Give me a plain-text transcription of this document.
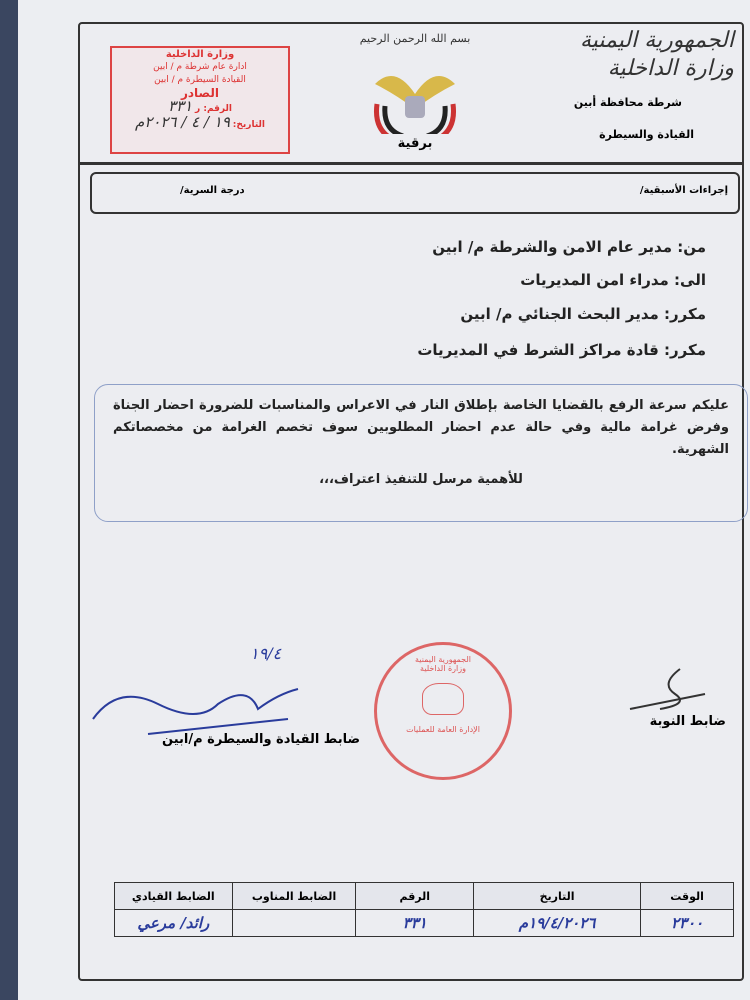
وزارة الداخلية
ادارة عام شرطة م / ابين
القيادة السيطرة م / ابين
الصادر
الرقم: ر ٣٣١
التاريخ: ١٩ / ٤ / ٢٠٢٦م
بسم الله الرحمن الرحيم
برقية
الجمهورية اليمنية
وزارة الداخلية
شرطة محافظة أبين
القيادة والسيطرة
إجراءات الأسبقية/
درجة السرية/
من: مدير عام الامن والشرطة م/ ابين
الى: مدراء امن المديريات
مكرر: مدير البحث الجنائي م/ ابين
مكرر: قادة مراكز الشرط في المديريات
عليكم سرعة الرفع بالقضايا الخاصة بإطلاق النار في الاعراس والمناسبات للضرورة احضار الجناة وفرض غرامة مالية وفي حالة عدم احضار المطلوبين سوف تخصم الغرامة من مخصصاتكم الشهرية.
للأهمية مرسل للتنفيذ اعتراف،،،
١٩/٤
ضابط القيادة والسيطرة م/ابين
الجمهورية اليمنية
وزارة الداخلية
الإدارة العامة للعمليات
ضابط النوبة
الوقت	التاريخ	الرقم	الضابط المناوب	الضابط القيادي
٢٣٠٠	١٩/٤/٢٠٢٦م	٣٣١		رائد/ مرعي
